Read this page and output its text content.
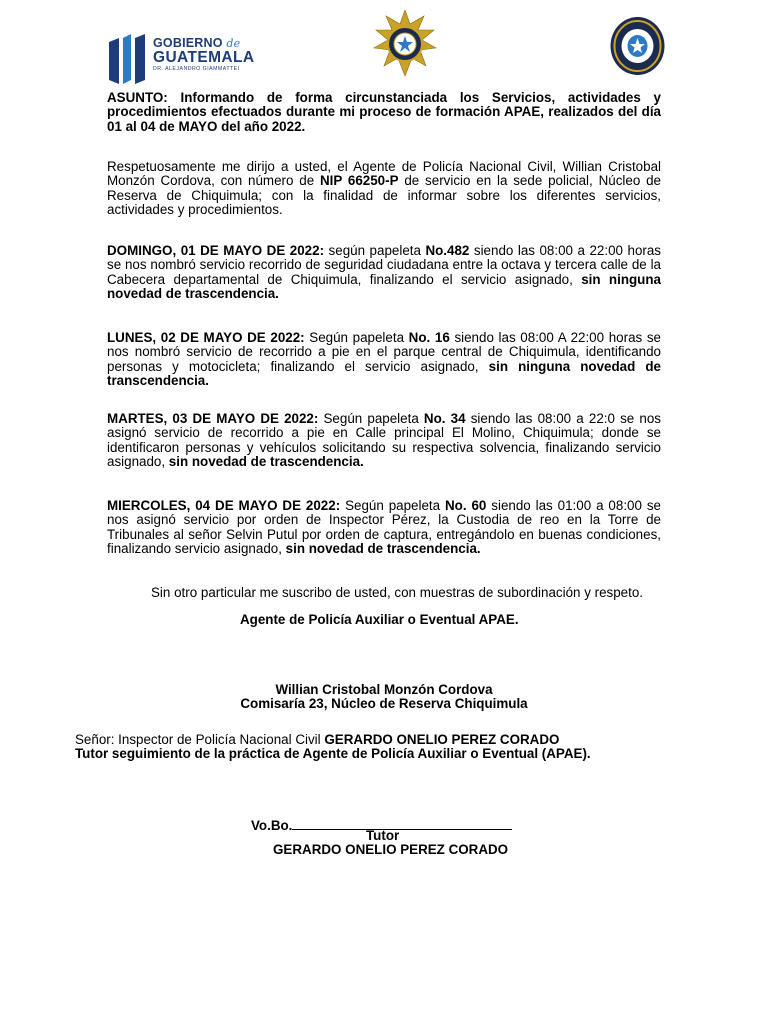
GOBIERNO de
GUATEMALA
DR. ALEJANDRO GIAMMATTEI

ASUNTO: Informando de forma circunstanciada los Servicios, actividades y procedimientos efectuados durante mi proceso de formación APAE, realizados del día 01 al 04 de MAYO del año 2022.

Respetuosamente me dirijo a usted, el Agente de Policía Nacional Civil, Willian Cristobal Monzón Cordova, con número de NIP 66250-P de servicio en la sede policial, Núcleo de Reserva de Chiquimula; con la finalidad de informar sobre los diferentes servicios, actividades y procedimientos.

DOMINGO, 01 DE MAYO DE 2022: según papeleta No.482 siendo las 08:00 a 22:00 horas se nos nombró servicio recorrido de seguridad ciudadana entre la octava y tercera calle de la Cabecera departamental de Chiquimula, finalizando el servicio asignado, sin ninguna novedad de trascendencia.

LUNES, 02 DE MAYO DE 2022: Según papeleta No. 16 siendo las 08:00 A 22:00 horas se nos nombró servicio de recorrido a pie en el parque central de Chiquimula, identificando personas y motocicleta; finalizando el servicio asignado, sin ninguna novedad de transcendencia.

MARTES, 03 DE MAYO DE 2022: Según papeleta No. 34 siendo las 08:00 a 22:0 se nos asignó servicio de recorrido a pie en Calle principal El Molino, Chiquimula; donde se identificaron personas y vehículos solicitando su respectiva solvencia, finalizando servicio asignado, sin novedad de trascendencia.

MIERCOLES, 04 DE MAYO DE 2022: Según papeleta No. 60 siendo las 01:00 a 08:00 se nos asignó servicio por orden de Inspector Pérez, la Custodia de reo en la Torre de Tribunales al señor Selvin Putul por orden de captura, entregándolo en buenas condiciones, finalizando servicio asignado, sin novedad de trascendencia.

Sin otro particular me suscribo de usted, con muestras de subordinación y respeto.

Agente de Policía Auxiliar o Eventual APAE.

Willian Cristobal Monzón Cordova

Comisaría 23, Núcleo de Reserva Chiquimula

Señor: Inspector de Policía Nacional Civil GERARDO ONELIO PEREZ CORADO

Tutor seguimiento de la práctica de Agente de Policía Auxiliar o Eventual (APAE).

Vo.Bo.

Tutor

GERARDO ONELIO PEREZ CORADO
